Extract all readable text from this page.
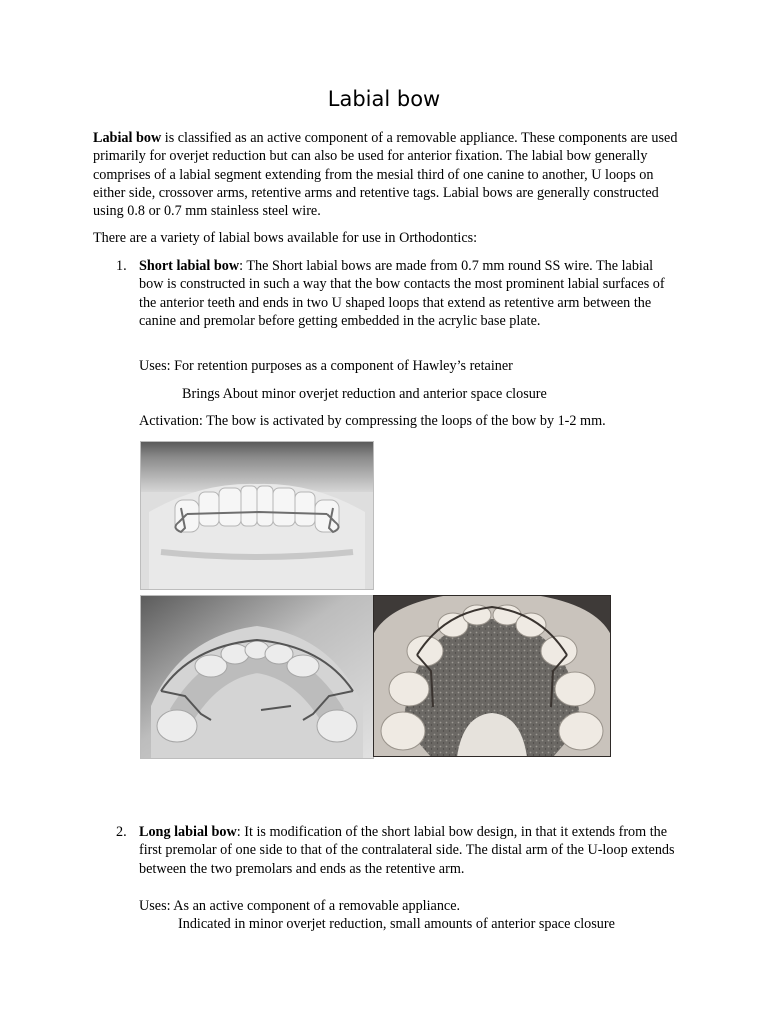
Labial bow

Labial bow is classified as an active component of a removable appliance. These components are used primarily for overjet reduction but can also be used for anterior fixation. The labial bow generally comprises of a labial segment extending from the mesial third of one canine to another, U loops on either side, crossover arms, retentive arms and retentive tags. Labial bows are generally constructed using 0.8 or 0.7 mm stainless steel wire.

There are a variety of labial bows available for use in Orthodontics:

1. Short labial bow: The Short labial bows are made from 0.7 mm round SS wire. The labial bow is constructed in such a way that the bow contacts the most prominent labial surfaces of the anterior teeth and ends in two U shaped loops that extend as retentive arm between the canine and premolar before getting embedded in the acrylic base plate.

Uses: For retention purposes as a component of Hawley’s retainer

Brings About minor overjet reduction and anterior space closure

Activation: The bow is activated by compressing the loops of the bow by 1-2 mm.

2. Long labial bow: It is modification of the short labial bow design, in that it extends from the first premolar of one side to that of the contralateral side. The distal arm of the U-loop extends between the two premolars and ends as the retentive arm.

Uses: As an active component of a removable appliance.

Indicated in minor overjet reduction, small amounts of anterior space closure
